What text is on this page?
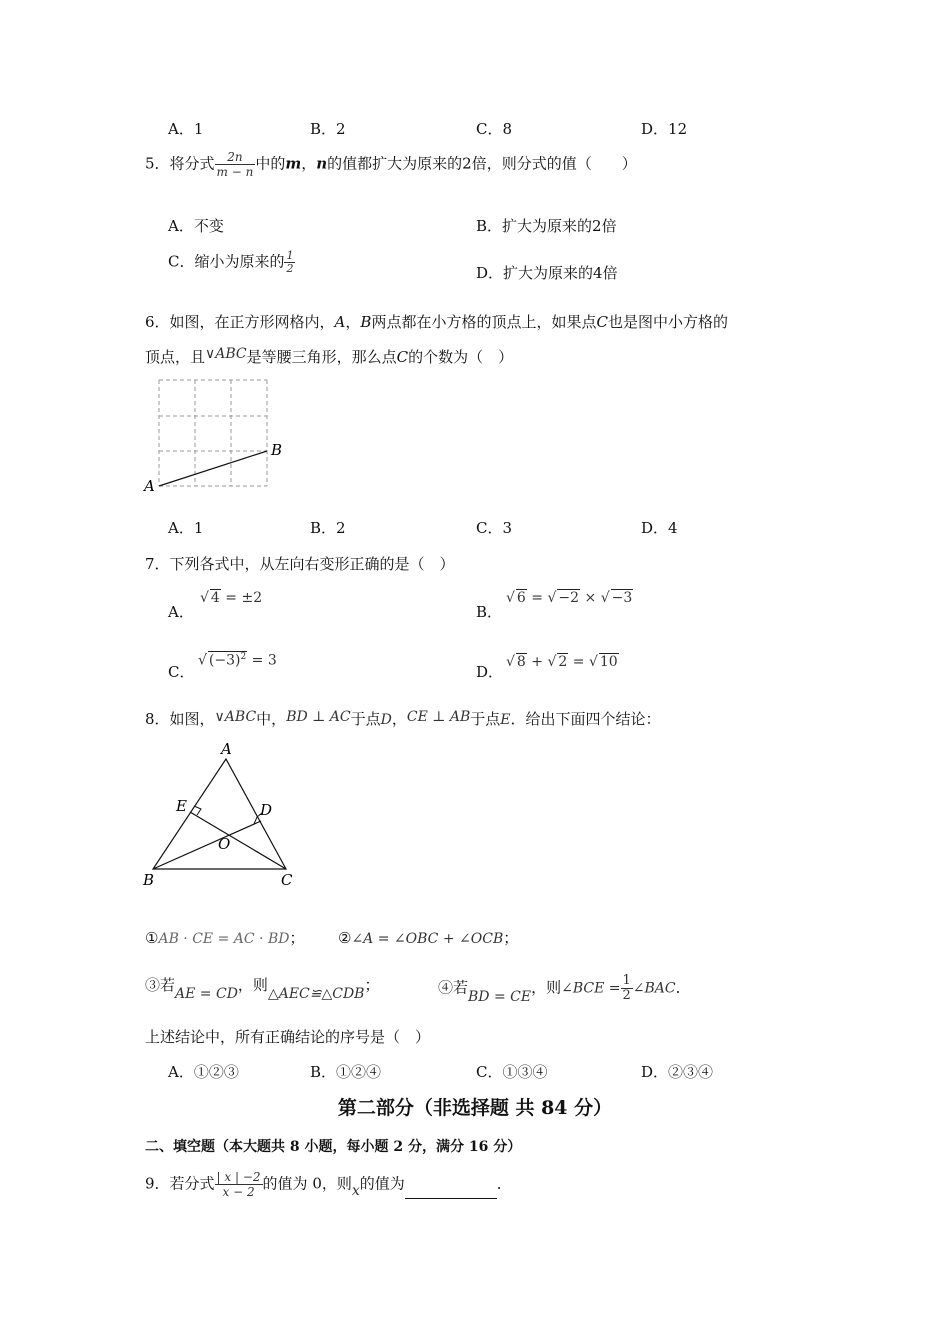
A．1	B．2	C．8	D．12
5．将分式 $\frac{2n}{m - n}$ 中的m，n的值都扩大为原来的2倍，则分式的值（　　）
A．不变	B．扩大为原来的2倍
C．缩小为原来的 $\frac{1}{2}$	D．扩大为原来的4倍
6．如图，在正方形网格内，A，B两点都在小方格的顶点上，如果点C也是图中小方格的
顶点，且∨ABC是等腰三角形，那么点C的个数为（　）
A
B
A．1	B．2	C．3	D．4
7．下列各式中，从左向右变形正确的是（　）
A．
√ 4 = ±2
B．
√ 6 = √ −2 × √ −3
C．
√ $(-3)^2 = 3$
D．
√ 8 + √ 2 = √ 10
8．如图，∨ABC中，BD ⊥ AC于点D，CE ⊥ AB于点E．给出下面四个结论：
A
B	C
D
E
O
①AB · CE = AC · BD； ②∠A = ∠OBC + ∠OCB；
③若AE = CD，则△AEC≌△CDB；	④若BD = CE，则∠BCE = $\frac{1}{2}$ ∠BAC．
上述结论中，所有正确结论的序号是（　）
A．①②③	B．①②④	C．①③④	D．②③④
第二部分（非选择题 共 84 分）
二、填空题（本大题共 8 小题，每小题 2 分，满分 16 分）
9．若分式 $\frac{| x | -2}{x - 2}$ 的值为 0，则x的值为	．
